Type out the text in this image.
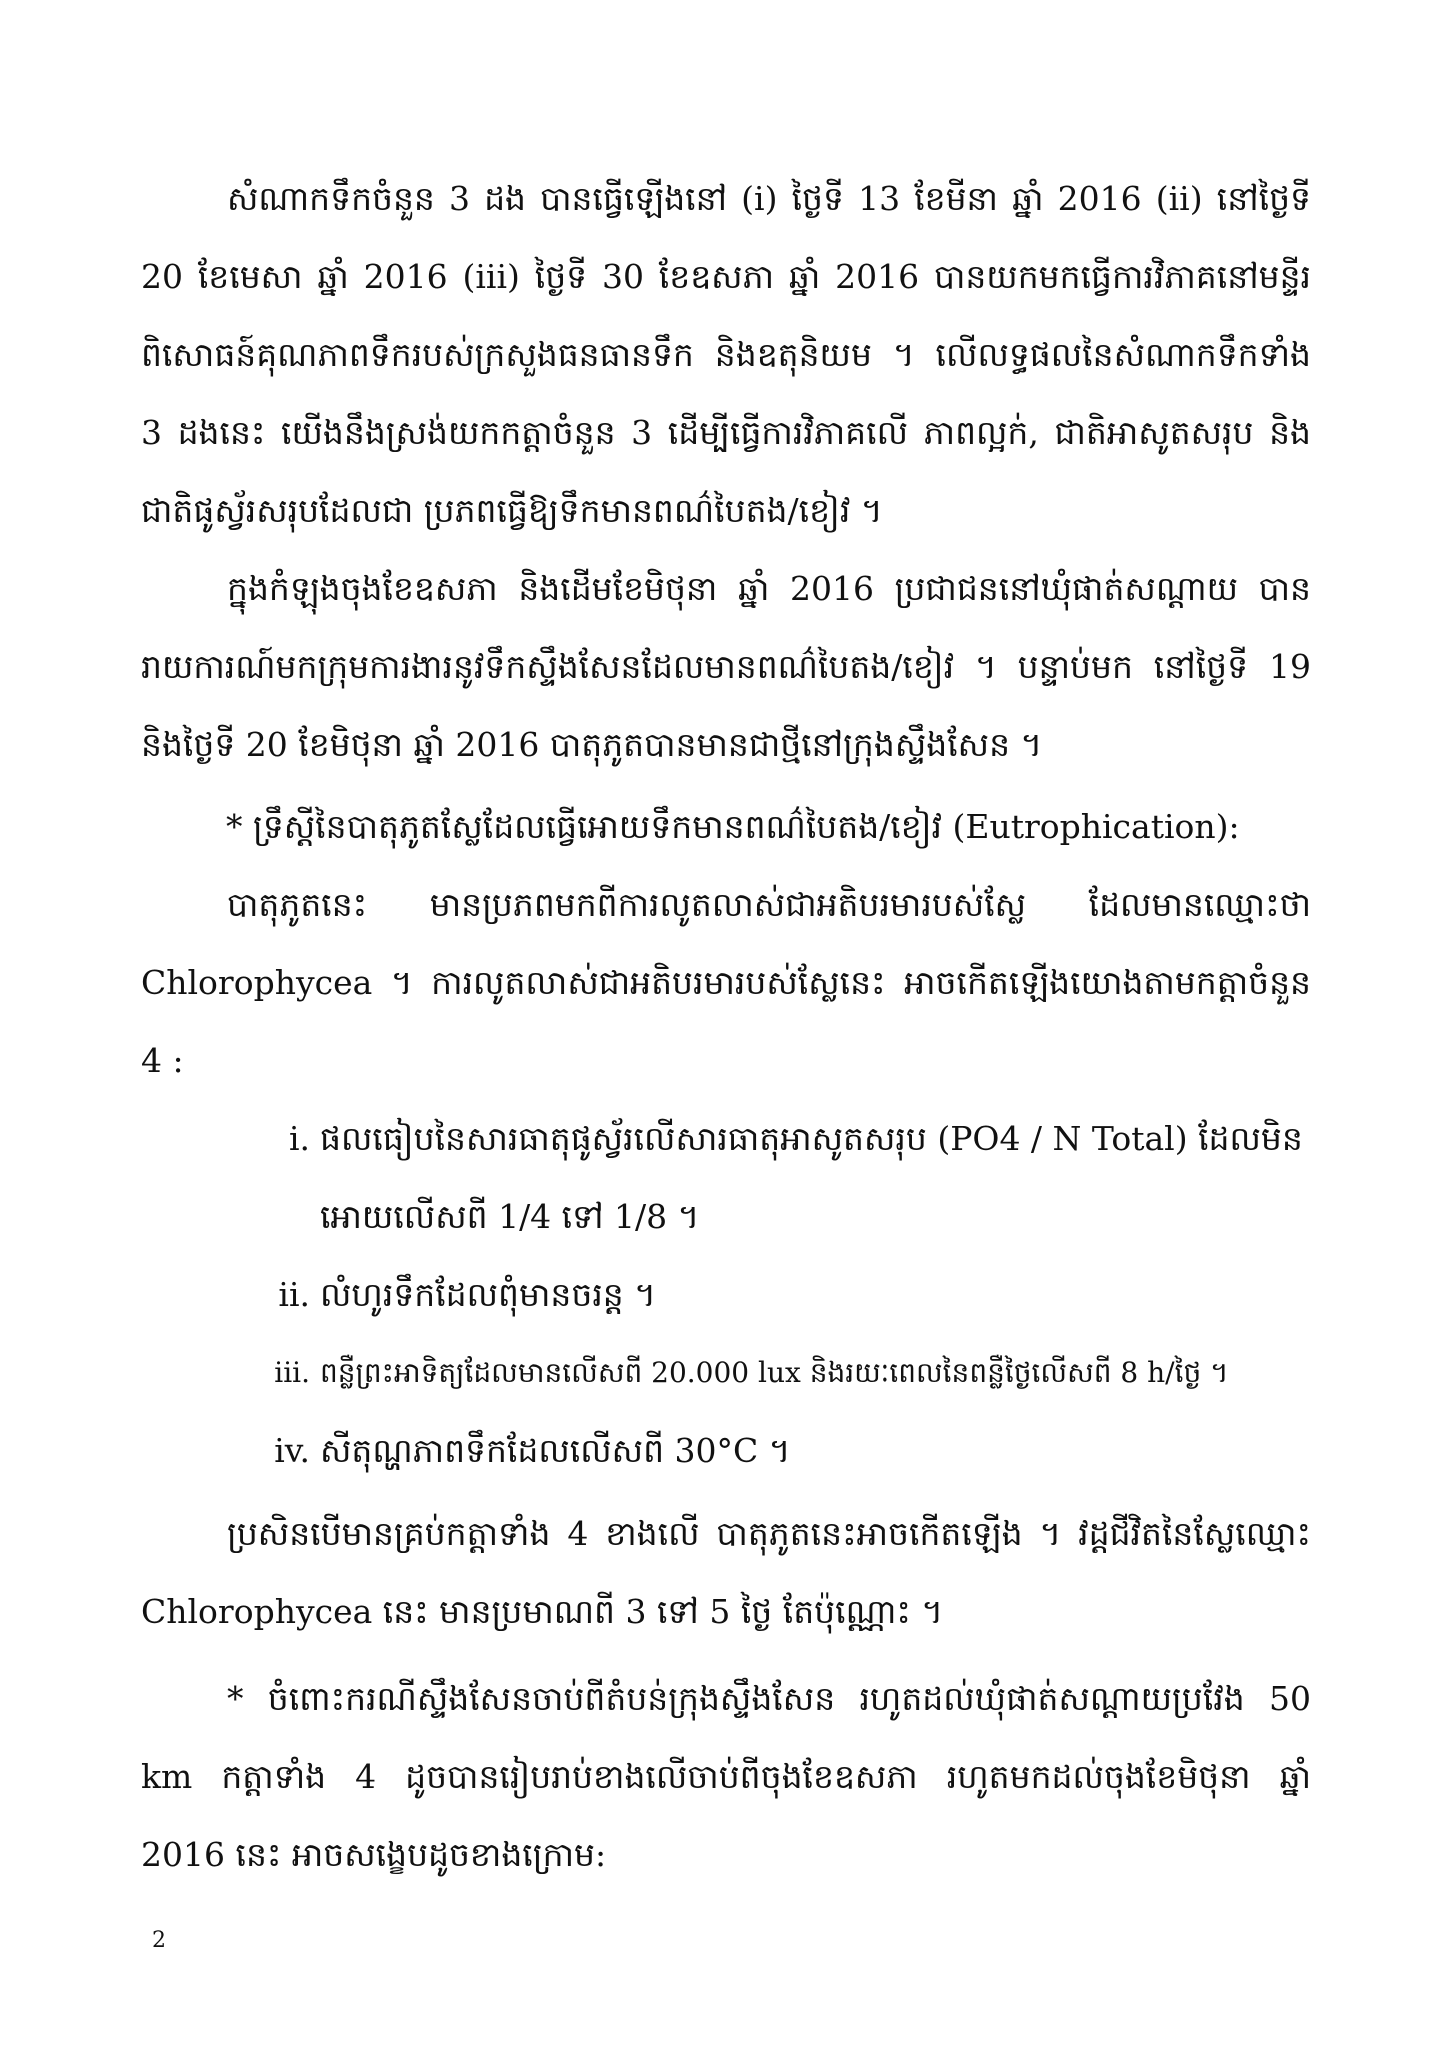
សំណាកទឹកចំនួន 3 ដង បានធ្វើឡើងនៅ (i) ថ្ងៃទី 13 ខែមីនា ឆ្នាំ 2016 (ii) នៅថ្ងៃទី 20 ខែមេសា ឆ្នាំ 2016 (iii) ថ្ងៃទី 30 ខែឧសភា ឆ្នាំ 2016 បានយកមកធ្វើការវិភាគនៅមន្ទីរពិសោធន៍គុណភាពទឹករបស់ក្រសួងធនធានទឹក និងឧតុនិយម ។ លើលទ្ធផលនៃសំណាកទឹកទាំង 3 ដងនេះ យើងនឹងស្រង់យកកត្តាចំនួន 3 ដើម្បីធ្វើការវិភាគលើ ភាពល្អក់, ជាតិអាសូតសរុប និងជាតិផូស្វ័រសរុបដែលជា ប្រភពធ្វើឱ្យទឹកមានពណ៌បៃតង/ខៀវ ។

ក្នុងកំឡុងចុងខែឧសភា និងដើមខែមិថុនា ឆ្នាំ 2016 ប្រជាជននៅឃុំផាត់សណ្តាយ បានរាយការណ៍មកក្រុមការងារនូវទឹកស្ទឹងសែនដែលមានពណ៌បៃតង/ខៀវ ។ បន្ទាប់មក នៅថ្ងៃទី 19 និងថ្ងៃទី 20 ខែមិថុនា ឆ្នាំ 2016 បាតុភូតបានមានជាថ្មីនៅក្រុងស្ទឹងសែន ។

* ទ្រឹស្តីនៃបាតុភូតស្លែដែលធ្វើអោយទឹកមានពណ៌បៃតង/ខៀវ (Eutrophication):

បាតុភូតនេះ មានប្រភពមកពីការលូតលាស់ជាអតិបរមារបស់ស្លែ ដែលមានឈ្មោះថា Chlorophycea ។ ការលូតលាស់ជាអតិបរមារបស់ស្លែនេះ អាចកើតឡើងយោងតាមកត្តាចំនួន 4 :

i. ផលធៀបនៃសារធាតុផូស្វ័រលើសារធាតុអាសូតសរុប (PO4 / N Total) ដែលមិនអោយលើសពី 1/4 ទៅ 1/8 ។
ii. លំហូរទឹកដែលពុំមានចរន្ត ។
iii. ពន្លឺព្រះអាទិត្យដែលមានលើសពី 20.000 lux និងរយៈពេលនៃពន្លឺថ្ងៃលើសពី 8 h/ថ្ងៃ ។
iv. សីតុណ្ហភាពទឹកដែលលើសពី 30°C ។

ប្រសិនបើមានគ្រប់កត្តាទាំង 4 ខាងលើ បាតុភូតនេះអាចកើតឡើង ។ វដ្តជីវិតនៃស្លែឈ្មោះ Chlorophycea នេះ មានប្រមាណពី 3 ទៅ 5 ថ្ងៃ តែប៉ុណ្ណោះ ។

* ចំពោះករណីស្ទឹងសែនចាប់ពីតំបន់ក្រុងស្ទឹងសែន រហូតដល់ឃុំផាត់សណ្តាយប្រវែង 50 km កត្តាទាំង 4 ដូចបានរៀបរាប់ខាងលើចាប់ពីចុងខែឧសភា រហូតមកដល់ចុងខែមិថុនា ឆ្នាំ 2016 នេះ អាចសង្ខេបដូចខាងក្រោម:

2
